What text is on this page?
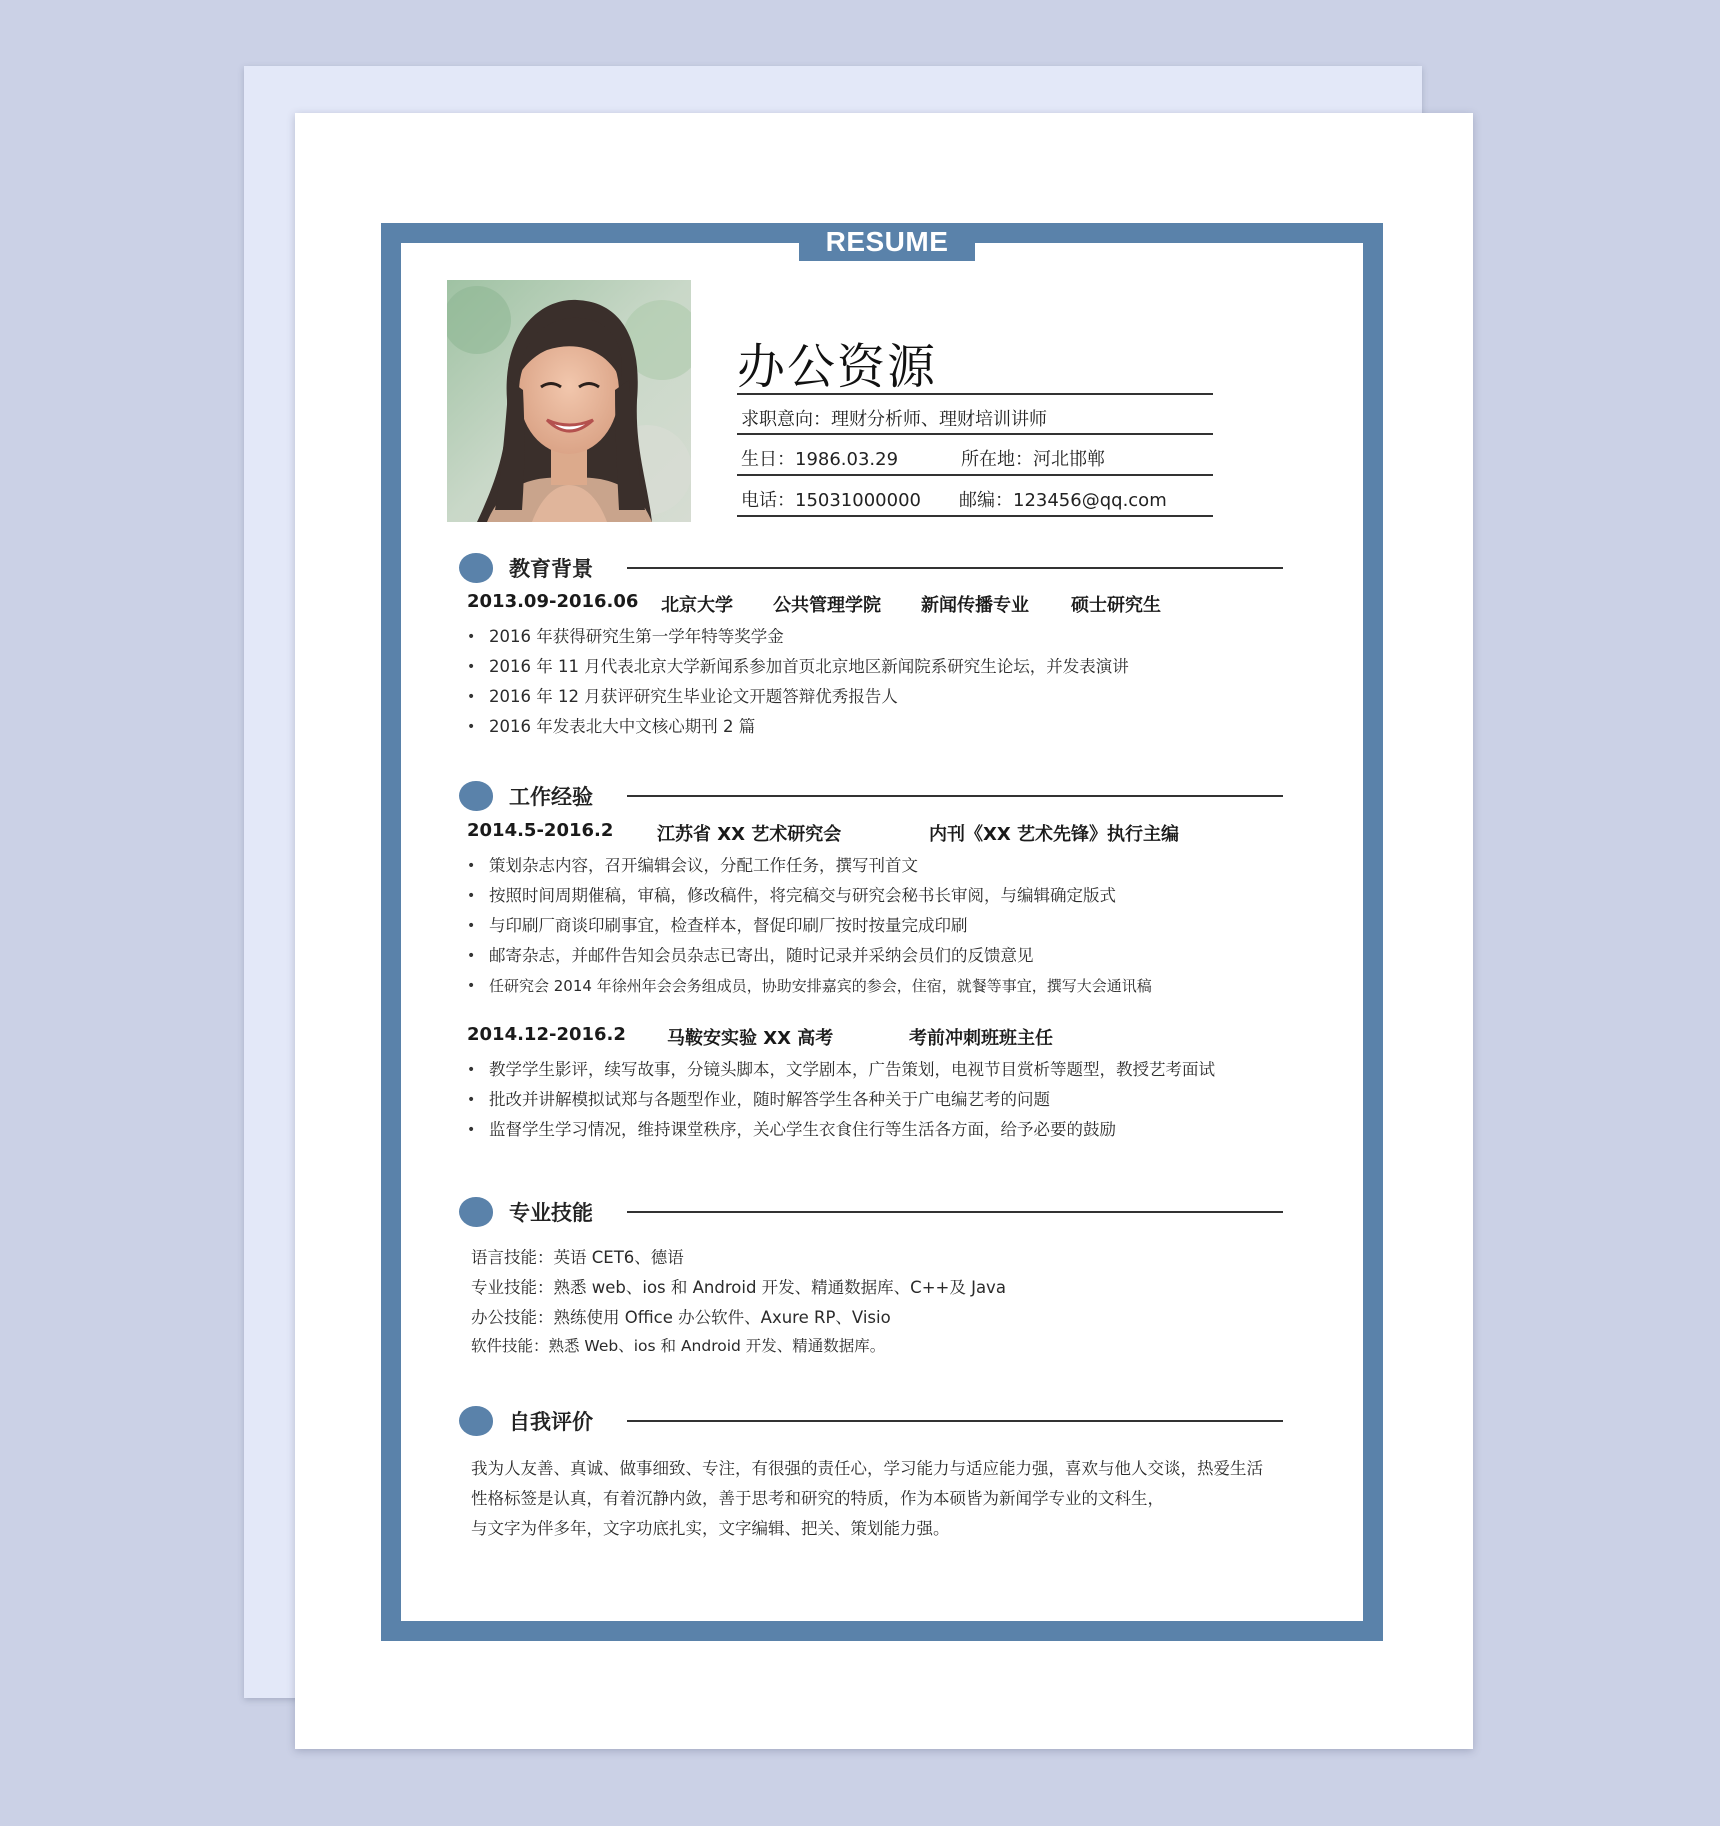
RESUME
办公资源
求职意向：理财分析师、理财培训讲师
生日：1986.03.29	所在地：河北邯郸
电话：15031000000 邮编：123456@qq.com
教育背景
2013.09-2016.06 北京大学 公共管理学院 新闻传播专业 硕士研究生
• 2016 年获得研究生第一学年特等奖学金
• 2016 年 11 月代表北京大学新闻系参加首页北京地区新闻院系研究生论坛，并发表演讲
• 2016 年 12 月获评研究生毕业论文开题答辩优秀报告人
• 2016 年发表北大中文核心期刊 2 篇
工作经验
2014.5-2016.2 江苏省 XX 艺术研究会	内刊《XX 艺术先锋》执行主编
• 策划杂志内容，召开编辑会议，分配工作任务，撰写刊首文
• 按照时间周期催稿，审稿，修改稿件，将完稿交与研究会秘书长审阅，与编辑确定版式
• 与印刷厂商谈印刷事宜，检查样本，督促印刷厂按时按量完成印刷
• 邮寄杂志，并邮件告知会员杂志已寄出，随时记录并采纳会员们的反馈意见
• 任研究会 2014 年徐州年会会务组成员，协助安排嘉宾的参会，住宿，就餐等事宜，撰写大会通讯稿
2014.12-2016.2 马鞍安实验 XX 高考	考前冲刺班班主任
• 教学学生影评，续写故事，分镜头脚本，文学剧本，广告策划，电视节目赏析等题型，教授艺考面试
• 批改并讲解模拟试郑与各题型作业，随时解答学生各种关于广电编艺考的问题
• 监督学生学习情况，维持课堂秩序，关心学生衣食住行等生活各方面，给予必要的鼓励
专业技能
语言技能：英语 CET6、德语
专业技能：熟悉 web、ios 和 Android 开发、精通数据库、C++及 Java
办公技能：熟练使用 Office 办公软件、Axure RP、Visio
软件技能：熟悉 Web、ios 和 Android 开发、精通数据库。
自我评价
我为人友善、真诚、做事细致、专注，有很强的责任心，学习能力与适应能力强，喜欢与他人交谈，热爱生活
性格标签是认真，有着沉静内敛，善于思考和研究的特质，作为本硕皆为新闻学专业的文科生，
与文字为伴多年，文字功底扎实，文字编辑、把关、策划能力强。
